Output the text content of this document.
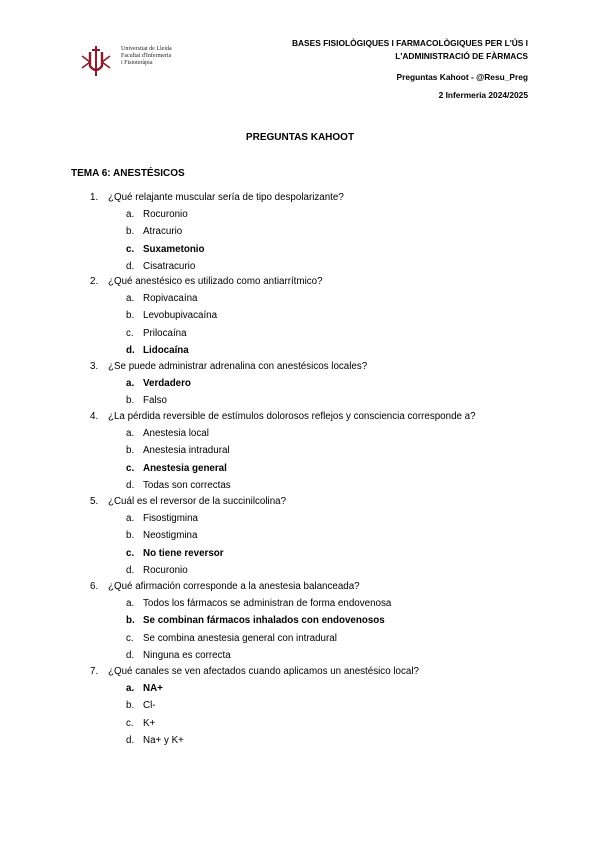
Universitat de Lleida
Facultat d'Infermeria
i Fisioteràpia
BASES FISIOLÒGIQUES I FARMACOLÒGIQUES PER L'ÚS I
L'ADMINISTRACIÓ DE FÀRMACS
Preguntas Kahoot - @Resu_Preg
2 Infermeria 2024/2025
PREGUNTAS KAHOOT
TEMA 6: ANESTÉSICOS
1. ¿Qué relajante muscular sería de tipo despolarizante?
a. Rocuronio
b. Atracurio
c. Suxametonio
d. Cisatracurio
2. ¿Qué anestésico es utilizado como antiarrítmico?
a. Ropivacaína
b. Levobupivacaína
c. Prilocaína
d. Lidocaína
3. ¿Se puede administrar adrenalina con anestésicos locales?
a. Verdadero
b. Falso
4. ¿La pérdida reversible de estímulos dolorosos reflejos y consciencia corresponde a?
a. Anestesia local
b. Anestesia intradural
c. Anestesia general
d. Todas son correctas
5. ¿Cuál es el reversor de la succinilcolina?
a. Fisostigmina
b. Neostigmina
c. No tiene reversor
d. Rocuronio
6. ¿Qué afirmación corresponde a la anestesia balanceada?
a. Todos los fármacos se administran de forma endovenosa
b. Se combinan fármacos inhalados con endovenosos
c. Se combina anestesia general con intradural
d. Ninguna es correcta
7. ¿Qué canales se ven afectados cuando aplicamos un anestésico local?
a. NA+
b. Cl-
c. K+
d. Na+ y K+
